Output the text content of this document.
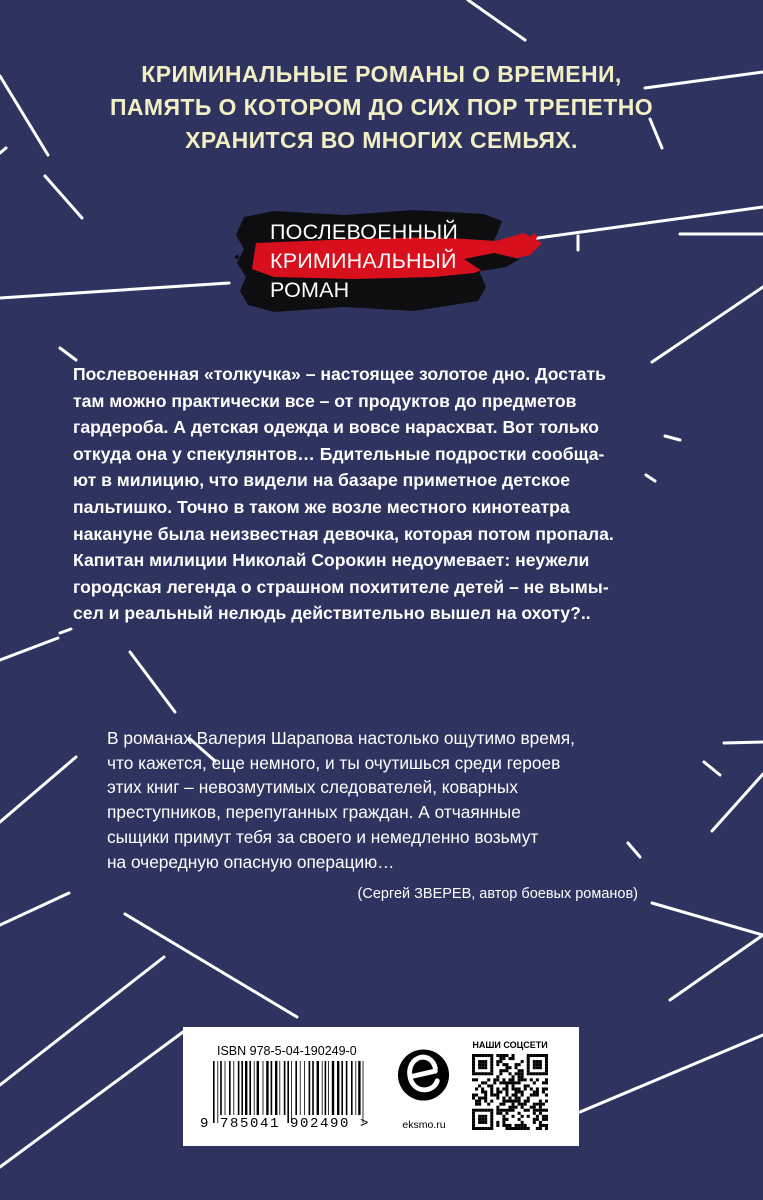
КРИМИНАЛЬНЫЕ РОМАНЫ О ВРЕМЕНИ,
ПАМЯТЬ О КОТОРОМ ДО СИХ ПОР ТРЕПЕТНО
ХРАНИТСЯ ВО МНОГИХ СЕМЬЯХ.
ПОСЛЕВОЕННЫЙ
КРИМИНАЛЬНЫЙ
РОМАН
Послевоенная «толкучка» – настоящее золотое дно. Достать
там можно практически все – от продуктов до предметов
гардероба. А детская одежда и вовсе нарасхват. Вот только
откуда она у спекулянтов… Бдительные подростки сообща-
ют в милицию, что видели на базаре приметное детское
пальтишко. Точно в таком же возле местного кинотеатра
накануне была неизвестная девочка, которая потом пропала.
Капитан милиции Николай Сорокин недоумевает: неужели
городская легенда о страшном похитителе детей – не вымы-
сел и реальный нелюдь действительно вышел на охоту?..
В романах Валерия Шарапова настолько ощутимо время,
что кажется, еще немного, и ты очутишься среди героев
этих книг – невозмутимых следователей, коварных
преступников, перепуганных граждан. А отчаянные
сыщики примут тебя за своего и немедленно возьмут
на очередную опасную операцию…
(Сергей ЗВЕРЕВ, автор боевых романов)
ISBN 978-5-04-190249-0
9 785041 902490 >	eksmo.ru
НАШИ СОЦСЕТИ
